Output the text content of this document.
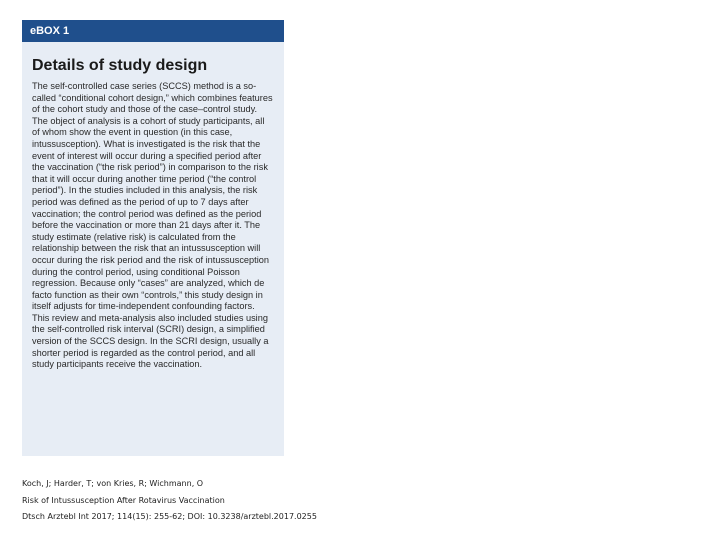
eBOX 1
Details of study design
The self-controlled case series (SCCS) method is a so-called “conditional cohort design,” which combines features of the cohort study and those of the case–control study. The object of analysis is a cohort of study participants, all of whom show the event in question (in this case, intussusception). What is investigated is the risk that the event of interest will occur during a specified period after the vaccination (“the risk period”) in comparison to the risk that it will occur during another time period (“the control period”). In the studies included in this analysis, the risk period was defined as the period of up to 7 days after vaccination; the control period was defined as the period before the vaccination or more than 21 days after it. The study estimate (relative risk) is calculated from the relationship between the risk that an intussusception will occur during the risk period and the risk of intussusception during the control period, using conditional Poisson regression. Because only “cases” are analyzed, which de facto function as their own “controls,” this study design in itself adjusts for time-independent confounding factors. This review and meta-analysis also included studies using the self-controlled risk interval (SCRI) design, a simplified version of the SCCS design. In the SCRI design, usually a shorter period is regarded as the control period, and all study participants receive the vaccination.
Koch, J; Harder, T; von Kries, R; Wichmann, O
Risk of Intussusception After Rotavirus Vaccination
Dtsch Arztebl Int 2017; 114(15): 255-62; DOI: 10.3238/arztebl.2017.0255
